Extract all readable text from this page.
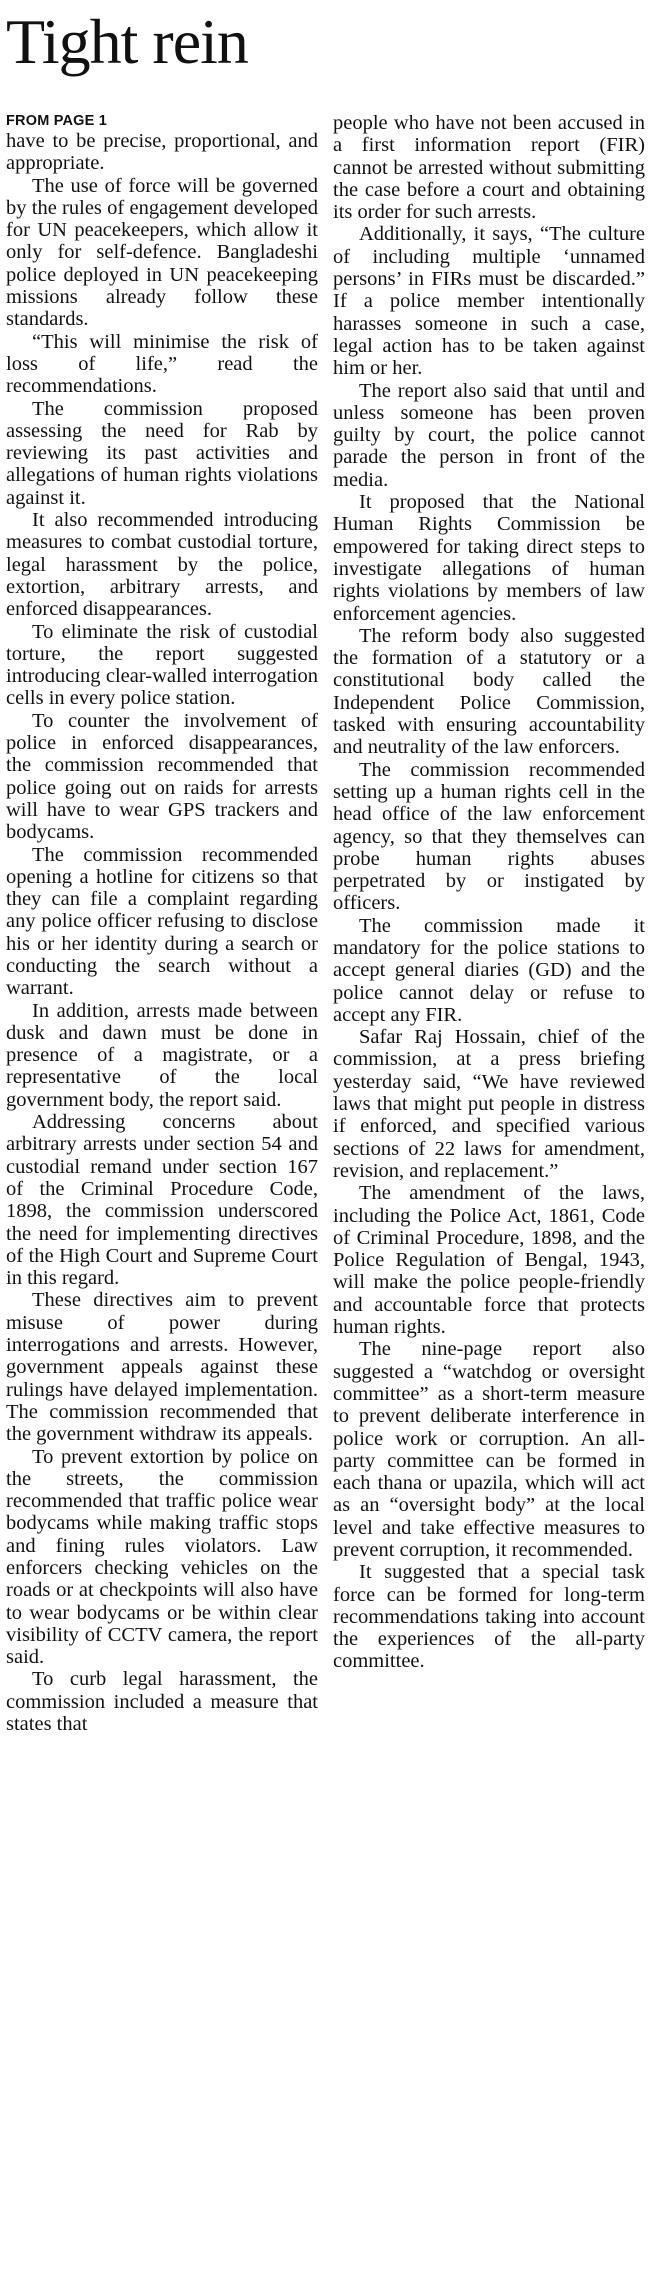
Tight rein
FROM PAGE 1

have to be precise, proportional, and appropriate.

The use of force will be governed by the rules of engagement developed for UN peacekeepers, which allow it only for self-defence. Bangladeshi police deployed in UN peacekeeping missions already follow these standards.

“This will minimise the risk of loss of life,” read the recommendations.

The commission proposed assessing the need for Rab by reviewing its past activities and allegations of human rights violations against it.

It also recommended introducing measures to combat custodial torture, legal harassment by the police, extortion, arbitrary arrests, and enforced disappearances.

To eliminate the risk of custodial torture, the report suggested introducing clear-walled interrogation cells in every police station.

To counter the involvement of police in enforced disappearances, the commission recommended that police going out on raids for arrests will have to wear GPS trackers and bodycams.

The commission recommended opening a hotline for citizens so that they can file a complaint regarding any police officer refusing to disclose his or her identity during a search or conducting the search without a warrant.

In addition, arrests made between dusk and dawn must be done in presence of a magistrate, or a representative of the local government body, the report said.

Addressing concerns about arbitrary arrests under section 54 and custodial remand under section 167 of the Criminal Procedure Code, 1898, the commission underscored the need for implementing directives of the High Court and Supreme Court in this regard.

These directives aim to prevent misuse of power during interrogations and arrests. However, government appeals against these rulings have delayed implementation. The commission recommended that the government withdraw its appeals.

To prevent extortion by police on the streets, the commission recommended that traffic police wear bodycams while making traffic stops and fining rules violators. Law enforcers checking vehicles on the roads or at checkpoints will also have to wear bodycams or be within clear visibility of CCTV camera, the report said.

To curb legal harassment, the commission included a measure that states that

people who have not been accused in a first information report (FIR) cannot be arrested without submitting the case before a court and obtaining its order for such arrests.

Additionally, it says, “The culture of including multiple ‘unnamed persons’ in FIRs must be discarded.” If a police member intentionally harasses someone in such a case, legal action has to be taken against him or her.

The report also said that until and unless someone has been proven guilty by court, the police cannot parade the person in front of the media.

It proposed that the National Human Rights Commission be empowered for taking direct steps to investigate allegations of human rights violations by members of law enforcement agencies.

The reform body also suggested the formation of a statutory or a constitutional body called the Independent Police Commission, tasked with ensuring accountability and neutrality of the law enforcers.

The commission recommended setting up a human rights cell in the head office of the law enforcement agency, so that they themselves can probe human rights abuses perpetrated by or instigated by officers.

The commission made it mandatory for the police stations to accept general diaries (GD) and the police cannot delay or refuse to accept any FIR.

Safar Raj Hossain, chief of the commission, at a press briefing yesterday said, “We have reviewed laws that might put people in distress if enforced, and specified various sections of 22 laws for amendment, revision, and replacement.”

The amendment of the laws, including the Police Act, 1861, Code of Criminal Procedure, 1898, and the Police Regulation of Bengal, 1943, will make the police people-friendly and accountable force that protects human rights.

The nine-page report also suggested a “watchdog or oversight committee” as a short-term measure to prevent deliberate interference in police work or corruption. An all-party committee can be formed in each thana or upazila, which will act as an “oversight body” at the local level and take effective measures to prevent corruption, it recommended.

It suggested that a special task force can be formed for long-term recommendations taking into account the experiences of the all-party committee.
